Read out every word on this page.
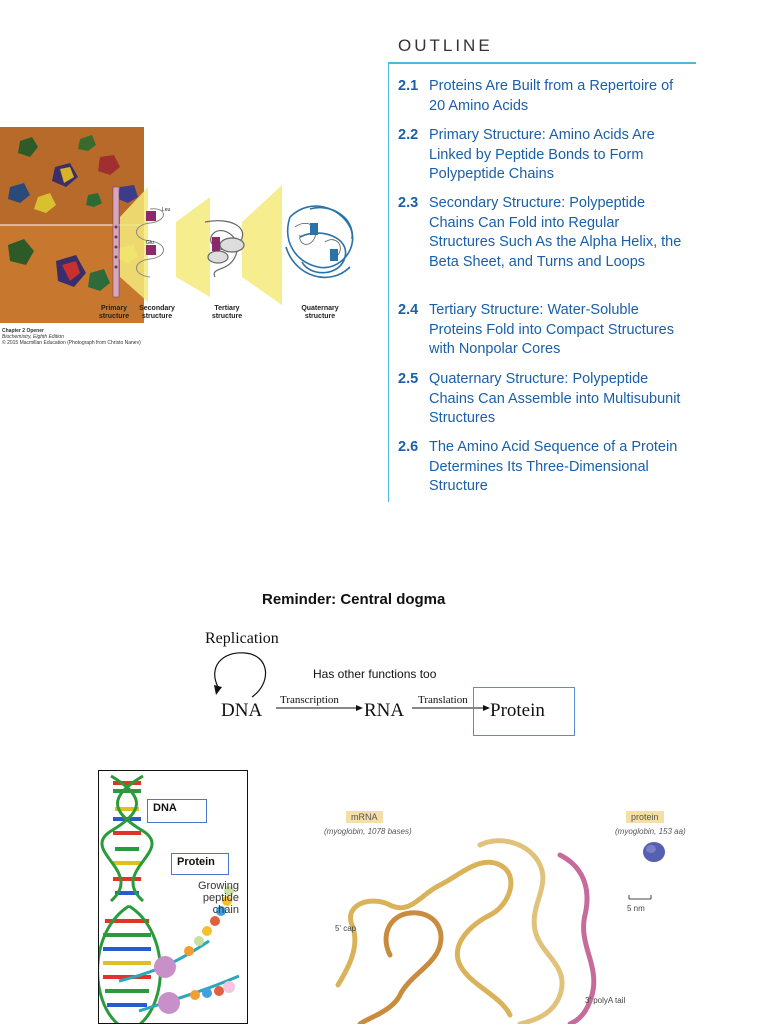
OUTLINE
2.1 Proteins Are Built from a Repertoire of 20 Amino Acids
2.2 Primary Structure: Amino Acids Are Linked by Peptide Bonds to Form Polypeptide Chains
2.3 Secondary Structure: Polypeptide Chains Can Fold into Regular Structures Such As the Alpha Helix, the Beta Sheet, and Turns and Loops
2.4 Tertiary Structure: Water-Soluble Proteins Fold into Compact Structures with Nonpolar Cores
2.5 Quaternary Structure: Polypeptide Chains Can Assemble into Multisubunit Structures
2.6 The Amino Acid Sequence of a Protein Determines Its Three-Dimensional Structure
Leu
Glu
Primary structure
Secondary structure
Tertiary structure
Quaternary structure
Chapter 2 Opener
Biochemistry, Eighth Edition
© 2015 Macmillan Education (Photograph from Christo Nanev)
Reminder: Central dogma
Replication
Has other functions too
DNA Transcription RNA Translation Protein
DNA
Protein
Growing
peptide
chain
mRNA
(myoglobin, 1078 bases)
protein
(myoglobin, 153 aa)
5 nm
5' cap
3' polyA tail
